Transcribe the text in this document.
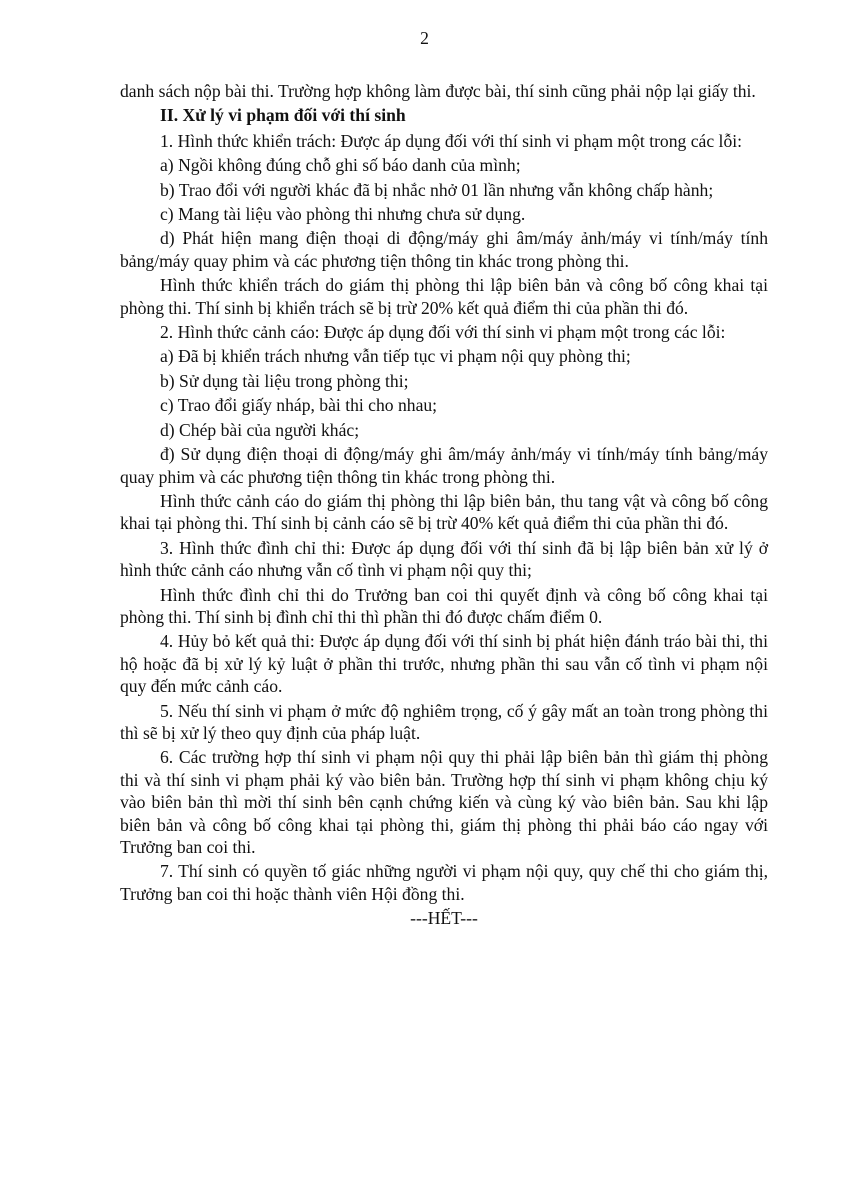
2

danh sách nộp bài thi. Trường hợp không làm được bài, thí sinh cũng phải nộp lại giấy thi.

II. Xử lý vi phạm đối với thí sinh

1. Hình thức khiển trách: Được áp dụng đối với thí sinh vi phạm một trong các lỗi:

a) Ngồi không đúng chỗ ghi số báo danh của mình;

b) Trao đổi với người khác đã bị nhắc nhở 01 lần nhưng vẫn không chấp hành;

c) Mang tài liệu vào phòng thi nhưng chưa sử dụng.

d) Phát hiện mang điện thoại di động/máy ghi âm/máy ảnh/máy vi tính/máy tính bảng/máy quay phim và các phương tiện thông tin khác trong phòng thi.

Hình thức khiển trách do giám thị phòng thi lập biên bản và công bố công khai tại phòng thi. Thí sinh bị khiển trách sẽ bị trừ 20% kết quả điểm thi của phần thi đó.

2. Hình thức cảnh cáo: Được áp dụng đối với thí sinh vi phạm một trong các lỗi:

a) Đã bị khiển trách nhưng vẫn tiếp tục vi phạm nội quy phòng thi;

b) Sử dụng tài liệu trong phòng thi;

c) Trao đổi giấy nháp, bài thi cho nhau;

d) Chép bài của người khác;

đ) Sử dụng điện thoại di động/máy ghi âm/máy ảnh/máy vi tính/máy tính bảng/máy quay phim và các phương tiện thông tin khác trong phòng thi.

Hình thức cảnh cáo do giám thị phòng thi lập biên bản, thu tang vật và công bố công khai tại phòng thi. Thí sinh bị cảnh cáo sẽ bị trừ 40% kết quả điểm thi của phần thi đó.

3. Hình thức đình chỉ thi: Được áp dụng đối với thí sinh đã bị lập biên bản xử lý ở hình thức cảnh cáo nhưng vẫn cố tình vi phạm nội quy thi;

Hình thức đình chỉ thi do Trưởng ban coi thi quyết định và công bố công khai tại phòng thi. Thí sinh bị đình chỉ thi thì phần thi đó được chấm điểm 0.

4. Hủy bỏ kết quả thi: Được áp dụng đối với thí sinh bị phát hiện đánh tráo bài thi, thi hộ hoặc đã bị xử lý kỷ luật ở phần thi trước, nhưng phần thi sau vẫn cố tình vi phạm nội quy đến mức cảnh cáo.

5. Nếu thí sinh vi phạm ở mức độ nghiêm trọng, cố ý gây mất an toàn trong phòng thi thì sẽ bị xử lý theo quy định của pháp luật.

6. Các trường hợp thí sinh vi phạm nội quy thi phải lập biên bản thì giám thị phòng thi và thí sinh vi phạm phải ký vào biên bản. Trường hợp thí sinh vi phạm không chịu ký vào biên bản thì mời thí sinh bên cạnh chứng kiến và cùng ký vào biên bản. Sau khi lập biên bản và công bố công khai tại phòng thi, giám thị phòng thi phải báo cáo ngay với Trưởng ban coi thi.

7. Thí sinh có quyền tố giác những người vi phạm nội quy, quy chế thi cho giám thị, Trưởng ban coi thi hoặc thành viên Hội đồng thi.

---HẾT---
